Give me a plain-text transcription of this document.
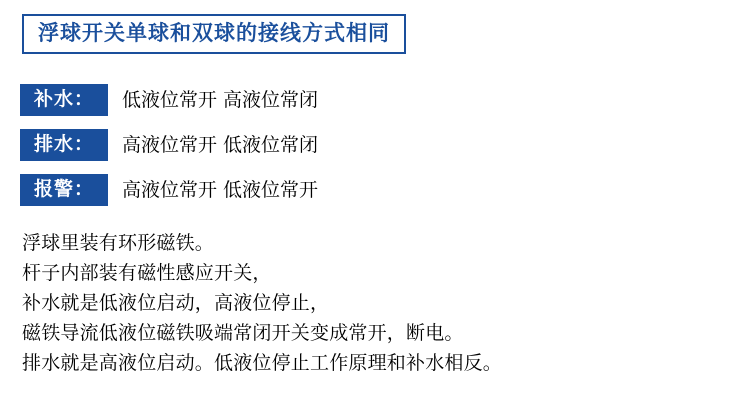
浮球开关单球和双球的接线方式相同
补水：	低液位常开 高液位常闭
排水：	高液位常开 低液位常闭
报警：	高液位常开 低液位常开
浮球里装有环形磁铁。
杆子内部装有磁性感应开关，
补水就是低液位启动，高液位停止，
磁铁导流低液位磁铁吸端常闭开关变成常开，断电。
排水就是高液位启动。低液位停止工作原理和补水相反。
